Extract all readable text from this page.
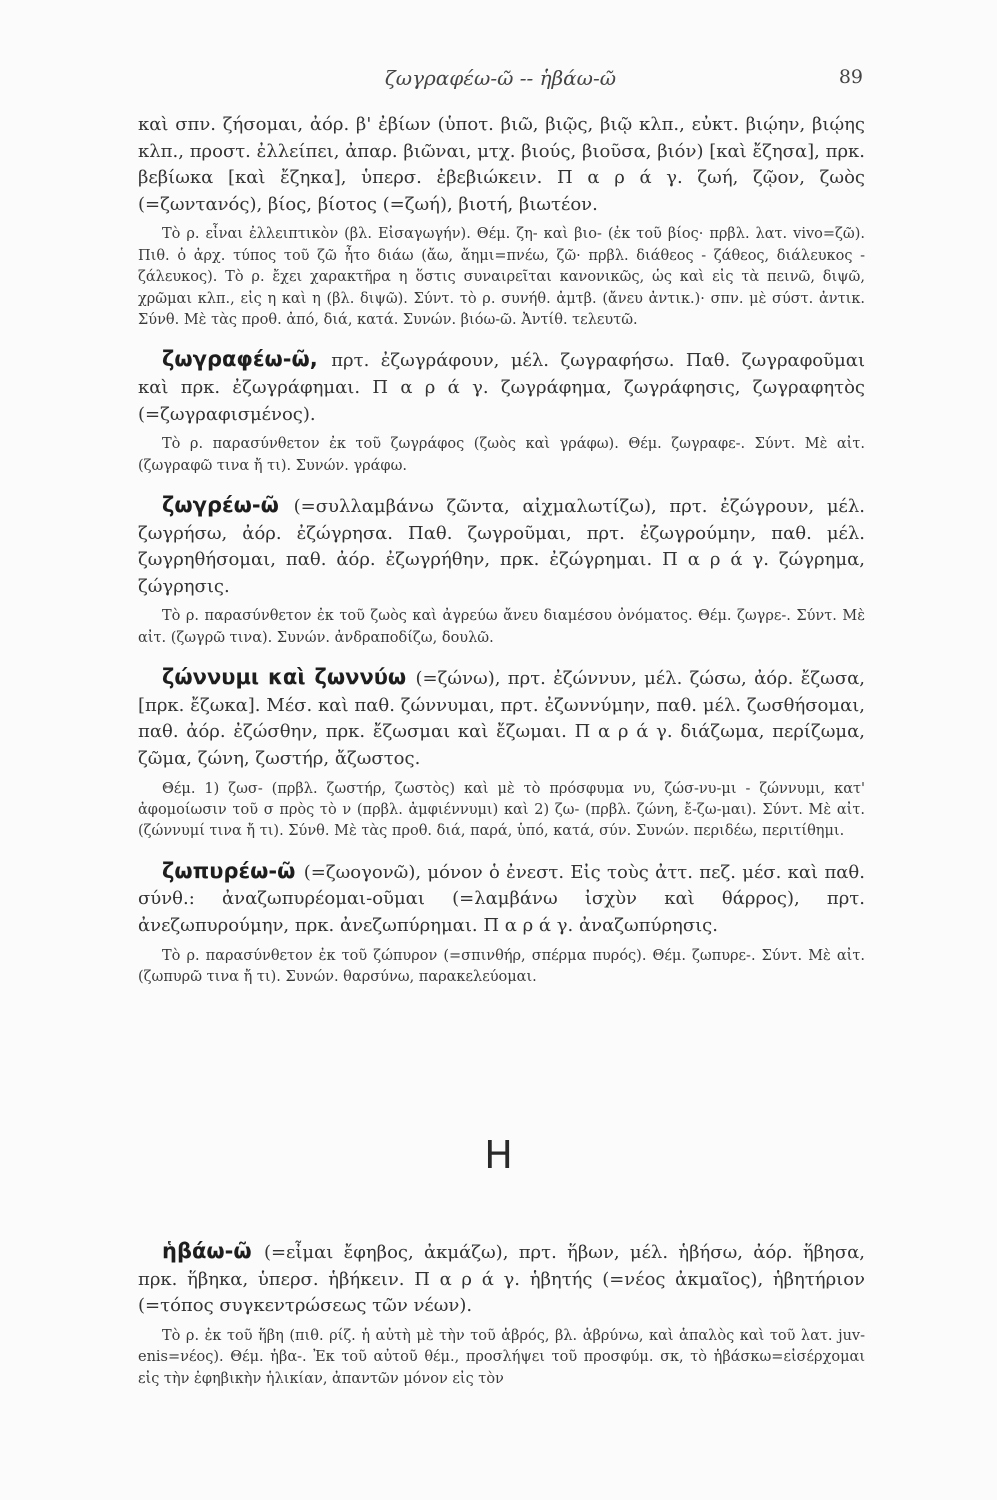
ζωγραφέω-ῶ -- ἡβάω-ῶ	89

καὶ σπν. ζήσομαι, ἀόρ. β' ἐβίων (ὑποτ. βιῶ, βιῷς, βιῷ κλπ., εὐκτ. βιῴην, βιῴης κλπ., προστ. ἐλλείπει, ἀπαρ. βιῶναι, μτχ. βιούς, βιοῦσα, βιόν) [καὶ ἔζησα], πρκ. βεβίωκα [καὶ ἔζηκα], ὑπερσ. ἐβεβιώκειν. Π α ρ ά γ. ζωή, ζῷον, ζωὸς (=ζωντανός), βίος, βίοτος (=ζωή), βιοτή, βιωτέον.

Τὸ ρ. εἶναι ἐλλειπτικὸν (βλ. Εἰσαγωγήν). Θέμ. ζη- καὶ βιο- (ἐκ τοῦ βίος· πρβλ. λατ. vivo=ζῶ). Πιθ. ὁ ἀρχ. τύπος τοῦ ζῶ ἦτο διάω (ἄω, ἄημι=πνέω, ζῶ· πρβλ. διάθεος - ζάθεος, διάλευκος - ζάλευκος). Τὸ ρ. ἔχει χαρακτῆρα η ὅστις συναιρεῖται κανονικῶς, ὡς καὶ εἰς τὰ πεινῶ, διψῶ, χρῶμαι κλπ., εἰς η καὶ η (βλ. διψῶ). Σύντ. τὸ ρ. συνήθ. ἀμτβ. (ἄνευ ἀντικ.)· σπν. μὲ σύστ. ἀντικ. Σύνθ. Μὲ τὰς προθ. ἀπό, διά, κατά. Συνών. βιόω-ῶ. Ἀντίθ. τελευτῶ.

ζωγραφέω-ῶ, πρτ. ἐζωγράφουν, μέλ. ζωγραφήσω. Παθ. ζωγραφοῦμαι καὶ πρκ. ἐζωγράφημαι. Π α ρ ά γ. ζωγράφημα, ζωγράφησις, ζωγραφητὸς (=ζωγραφισμένος).

Τὸ ρ. παρασύνθετον ἐκ τοῦ ζωγράφος (ζωὸς καὶ γράφω). Θέμ. ζωγραφε-. Σύντ. Μὲ αἰτ. (ζωγραφῶ τινα ἤ τι). Συνών. γράφω.

ζωγρέω-ῶ (=συλλαμβάνω ζῶντα, αἰχμαλωτίζω), πρτ. ἐζώγρουν, μέλ. ζωγρήσω, ἀόρ. ἐζώγρησα. Παθ. ζωγροῦμαι, πρτ. ἐζωγρούμην, παθ. μέλ. ζωγρηθήσομαι, παθ. ἀόρ. ἐζωγρήθην, πρκ. ἐζώγρημαι. Π α ρ ά γ. ζώγρημα, ζώγρησις.

Τὸ ρ. παρασύνθετον ἐκ τοῦ ζωὸς καὶ ἀγρεύω ἄνευ διαμέσου ὀνόματος. Θέμ. ζωγρε-. Σύντ. Μὲ αἰτ. (ζωγρῶ τινα). Συνών. ἀνδραποδίζω, δουλῶ.

ζώννυμι καὶ ζωννύω (=ζώνω), πρτ. ἐζώννυν, μέλ. ζώσω, ἀόρ. ἔζωσα, [πρκ. ἔζωκα]. Μέσ. καὶ παθ. ζώννυμαι, πρτ. ἐζωννύμην, παθ. μέλ. ζωσθήσομαι, παθ. ἀόρ. ἐζώσθην, πρκ. ἔζωσμαι καὶ ἔζωμαι. Π α ρ ά γ. διάζωμα, περίζωμα, ζῶμα, ζώνη, ζωστήρ, ἄζωστος.

Θέμ. 1) ζωσ- (πρβλ. ζωστήρ, ζωστὸς) καὶ μὲ τὸ πρόσφυμα νυ, ζώσ-νυ-μι - ζώννυμι, κατ' ἀφομοίωσιν τοῦ σ πρὸς τὸ ν (πρβλ. ἀμφιέννυμι) καὶ 2) ζω- (πρβλ. ζώνη, ἔ-ζω-μαι). Σύντ. Μὲ αἰτ. (ζώννυμί τινα ἤ τι). Σύνθ. Μὲ τὰς προθ. διά, παρά, ὑπό, κατά, σύν. Συνών. περιδέω, περιτίθημι.

ζωπυρέω-ῶ (=ζωογονῶ), μόνον ὁ ἐνεστ. Εἰς τοὺς ἀττ. πεζ. μέσ. καὶ παθ. σύνθ.: ἀναζωπυρέομαι-οῦμαι (=λαμβάνω ἰσχὺν καὶ θάρρος), πρτ. ἀνεζωπυρούμην, πρκ. ἀνεζωπύρημαι. Π α ρ ά γ. ἀναζωπύρησις.

Τὸ ρ. παρασύνθετον ἐκ τοῦ ζώπυρον (=σπινθήρ, σπέρμα πυρός). Θέμ. ζωπυρε-. Σύντ. Μὲ αἰτ. (ζωπυρῶ τινα ἤ τι). Συνών. θαρσύνω, παρακελεύομαι.

Η

ἡβάω-ῶ (=εἶμαι ἔφηβος, ἀκμάζω), πρτ. ἥβων, μέλ. ἡβήσω, ἀόρ. ἥβησα, πρκ. ἥβηκα, ὑπερσ. ἡβήκειν. Π α ρ ά γ. ἡβητής (=νέος ἀκμαῖος), ἡβητήριον (=τόπος συγκεντρώσεως τῶν νέων).

Τὸ ρ. ἐκ τοῦ ἥβη (πιθ. ρίζ. ἡ αὐτὴ μὲ τὴν τοῦ ἁβρός, βλ. ἁβρύνω, καὶ ἁπαλὸς καὶ τοῦ λατ. juv-enis=νέος). Θέμ. ἡβα-. Ἐκ τοῦ αὐτοῦ θέμ., προσλήψει τοῦ προσφύμ. σκ, τὸ ἡβάσκω=εἰσέρχομαι εἰς τὴν ἐφηβικὴν ἡλικίαν, ἀπαντῶν μόνον εἰς τὸν
